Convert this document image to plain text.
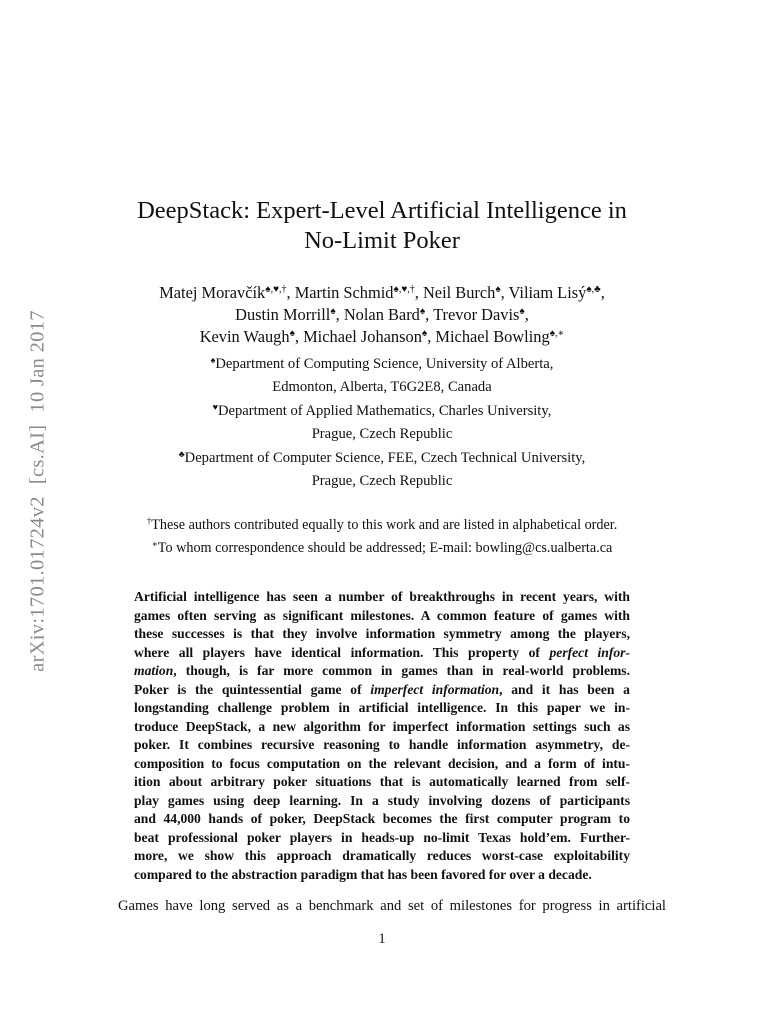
arXiv:1701.01724v2[cs.AI]10 Jan 2017
DeepStack: Expert-Level Artificial Intelligence in
No-Limit Poker
Matej Moravčík♠,♥,†, Martin Schmid♠,♥,†, Neil Burch♠, Viliam Lisý♠,♣,
Dustin Morrill♠, Nolan Bard♠, Trevor Davis♠,
Kevin Waugh♠, Michael Johanson♠, Michael Bowling♠,∗
♠Department of Computing Science, University of Alberta,
Edmonton, Alberta, T6G2E8, Canada
♥Department of Applied Mathematics, Charles University,
Prague, Czech Republic
♣Department of Computer Science, FEE, Czech Technical University,
Prague, Czech Republic
†These authors contributed equally to this work and are listed in alphabetical order.
∗To whom correspondence should be addressed; E-mail: bowling@cs.ualberta.ca
Artificial intelligence has seen a number of breakthroughs in recent years, with
games often serving as significant milestones. A common feature of games with
these successes is that they involve information symmetry among the players,
where all players have identical information. This property of perfect infor-
mation, though, is far more common in games than in real-world problems.
Poker is the quintessential game of imperfect information, and it has been a
longstanding challenge problem in artificial intelligence. In this paper we in-
troduce DeepStack, a new algorithm for imperfect information settings such as
poker. It combines recursive reasoning to handle information asymmetry, de-
composition to focus computation on the relevant decision, and a form of intu-
ition about arbitrary poker situations that is automatically learned from self-
play games using deep learning. In a study involving dozens of participants
and 44,000 hands of poker, DeepStack becomes the first computer program to
beat professional poker players in heads-up no-limit Texas hold’em. Further-
more, we show this approach dramatically reduces worst-case exploitability
compared to the abstraction paradigm that has been favored for over a decade.

Games have long served as a benchmark and set of milestones for progress in artificial

1
